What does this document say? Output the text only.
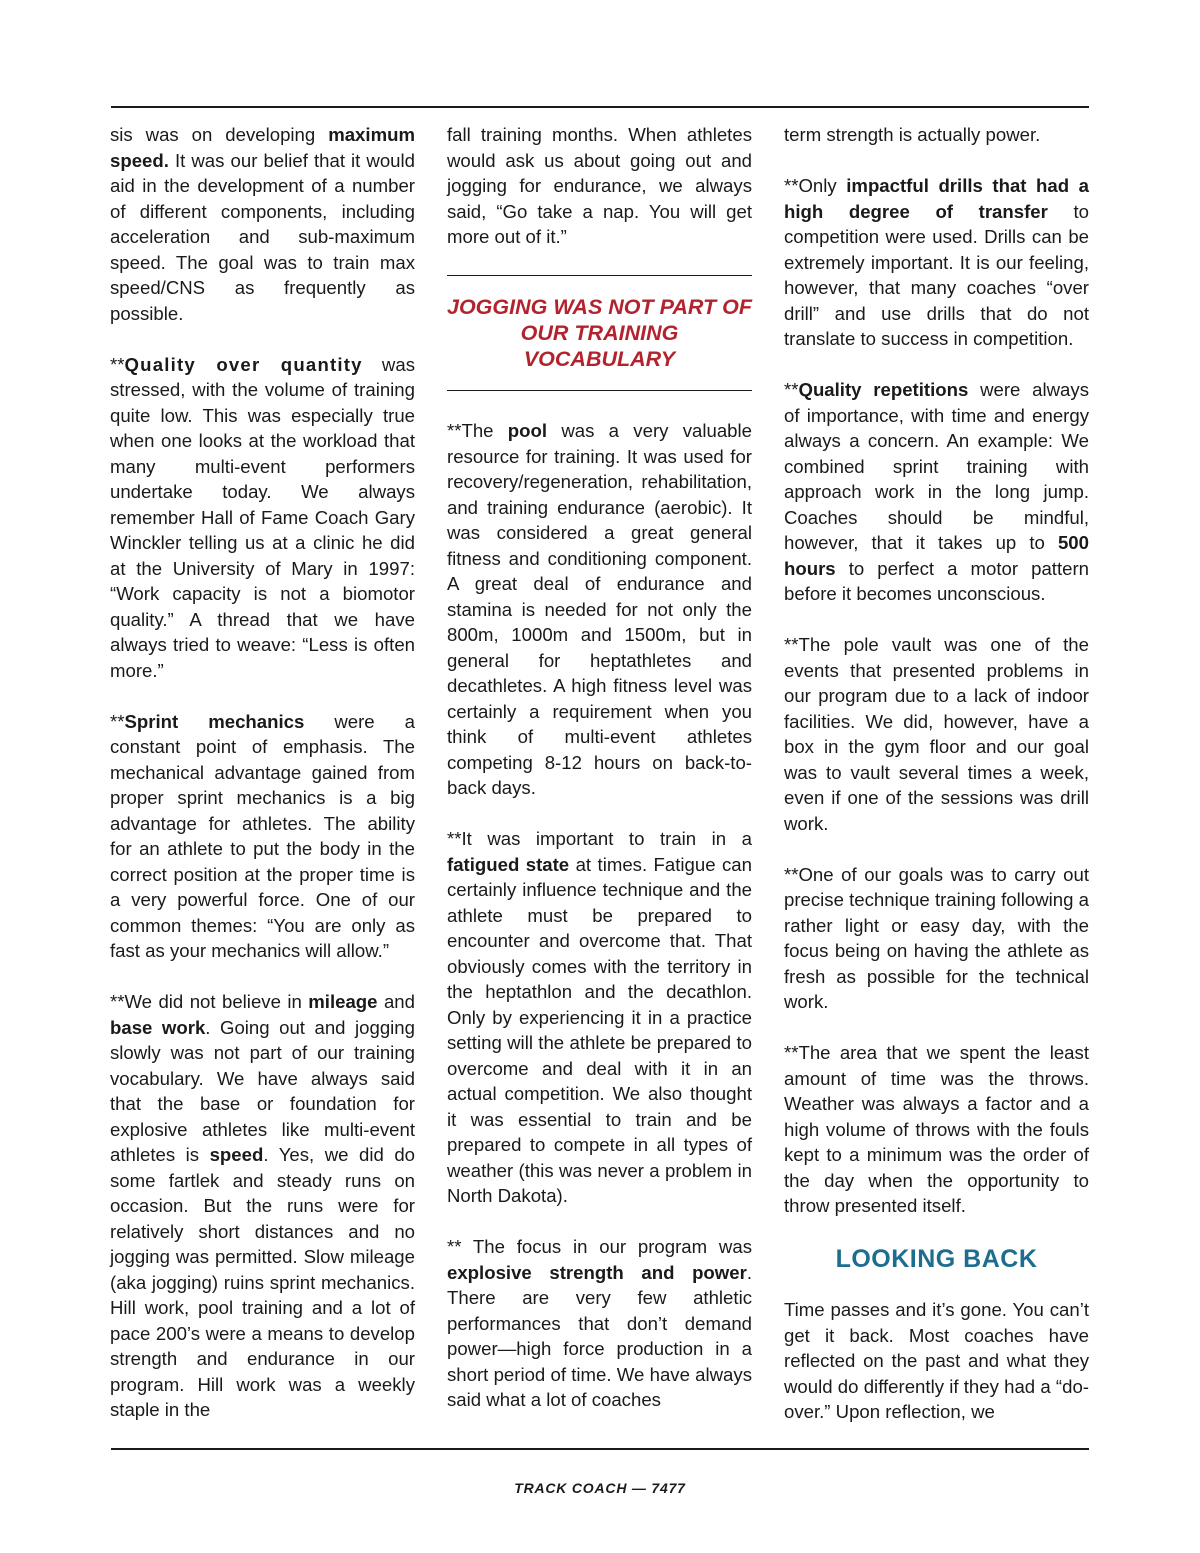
sis was on developing maximum speed. It was our belief that it would aid in the development of a number of different components, including acceleration and sub-maximum speed. The goal was to train max speed/CNS as frequently as possible.

**Quality over quantity was stressed, with the volume of training quite low. This was especially true when one looks at the workload that many multi-event performers undertake today. We always remember Hall of Fame Coach Gary Winckler telling us at a clinic he did at the University of Mary in 1997: “Work capacity is not a biomotor quality.” A thread that we have always tried to weave: “Less is often more.”

**Sprint mechanics were a constant point of emphasis. The mechanical advantage gained from proper sprint mechanics is a big advantage for athletes. The ability for an athlete to put the body in the correct position at the proper time is a very powerful force. One of our common themes: “You are only as fast as your mechanics will allow.”

**We did not believe in mileage and base work. Going out and jogging slowly was not part of our training vocabulary. We have always said that the base or foundation for explosive athletes like multi-event athletes is speed. Yes, we did do some fartlek and steady runs on occasion. But the runs were for relatively short distances and no jogging was permitted. Slow mileage (aka jogging) ruins sprint mechanics. Hill work, pool training and a lot of pace 200’s were a means to develop strength and endurance in our program. Hill work was a weekly staple in the

fall training months. When athletes would ask us about going out and jogging for endurance, we always said, “Go take a nap. You will get more out of it.”

JOGGING WAS NOT PART OF OUR TRAINING VOCABULARY

**The pool was a very valuable resource for training. It was used for recovery/regeneration, rehabilitation, and training endurance (aerobic). It was considered a great general fitness and conditioning component. A great deal of endurance and stamina is needed for not only the 800m, 1000m and 1500m, but in general for heptathletes and decathletes. A high fitness level was certainly a requirement when you think of multi-event athletes competing 8-12 hours on back-to-back days.

**It was important to train in a fatigued state at times. Fatigue can certainly influence technique and the athlete must be prepared to encounter and overcome that. That obviously comes with the territory in the heptathlon and the decathlon. Only by experiencing it in a practice setting will the athlete be prepared to overcome and deal with it in an actual competition. We also thought it was essential to train and be prepared to compete in all types of weather (this was never a problem in North Dakota).

** The focus in our program was explosive strength and power. There are very few athletic performances that don’t demand power—high force production in a short period of time. We have always said what a lot of coaches

term strength is actually power.

**Only impactful drills that had a high degree of transfer to competition were used. Drills can be extremely important. It is our feeling, however, that many coaches “over drill” and use drills that do not translate to success in competition.

**Quality repetitions were always of importance, with time and energy always a concern. An example: We combined sprint training with approach work in the long jump. Coaches should be mindful, however, that it takes up to 500 hours to perfect a motor pattern before it becomes unconscious.

**The pole vault was one of the events that presented problems in our program due to a lack of indoor facilities. We did, however, have a box in the gym floor and our goal was to vault several times a week, even if one of the sessions was drill work.

**One of our goals was to carry out precise technique training following a rather light or easy day, with the focus being on having the athlete as fresh as possible for the technical work.

**The area that we spent the least amount of time was the throws. Weather was always a factor and a high volume of throws with the fouls kept to a minimum was the order of the day when the opportunity to throw presented itself.

LOOKING BACK

Time passes and it’s gone. You can’t get it back. Most coaches have reflected on the past and what they would do differently if they had a “do-over.” Upon reflection, we

TRACK COACH — 7477
